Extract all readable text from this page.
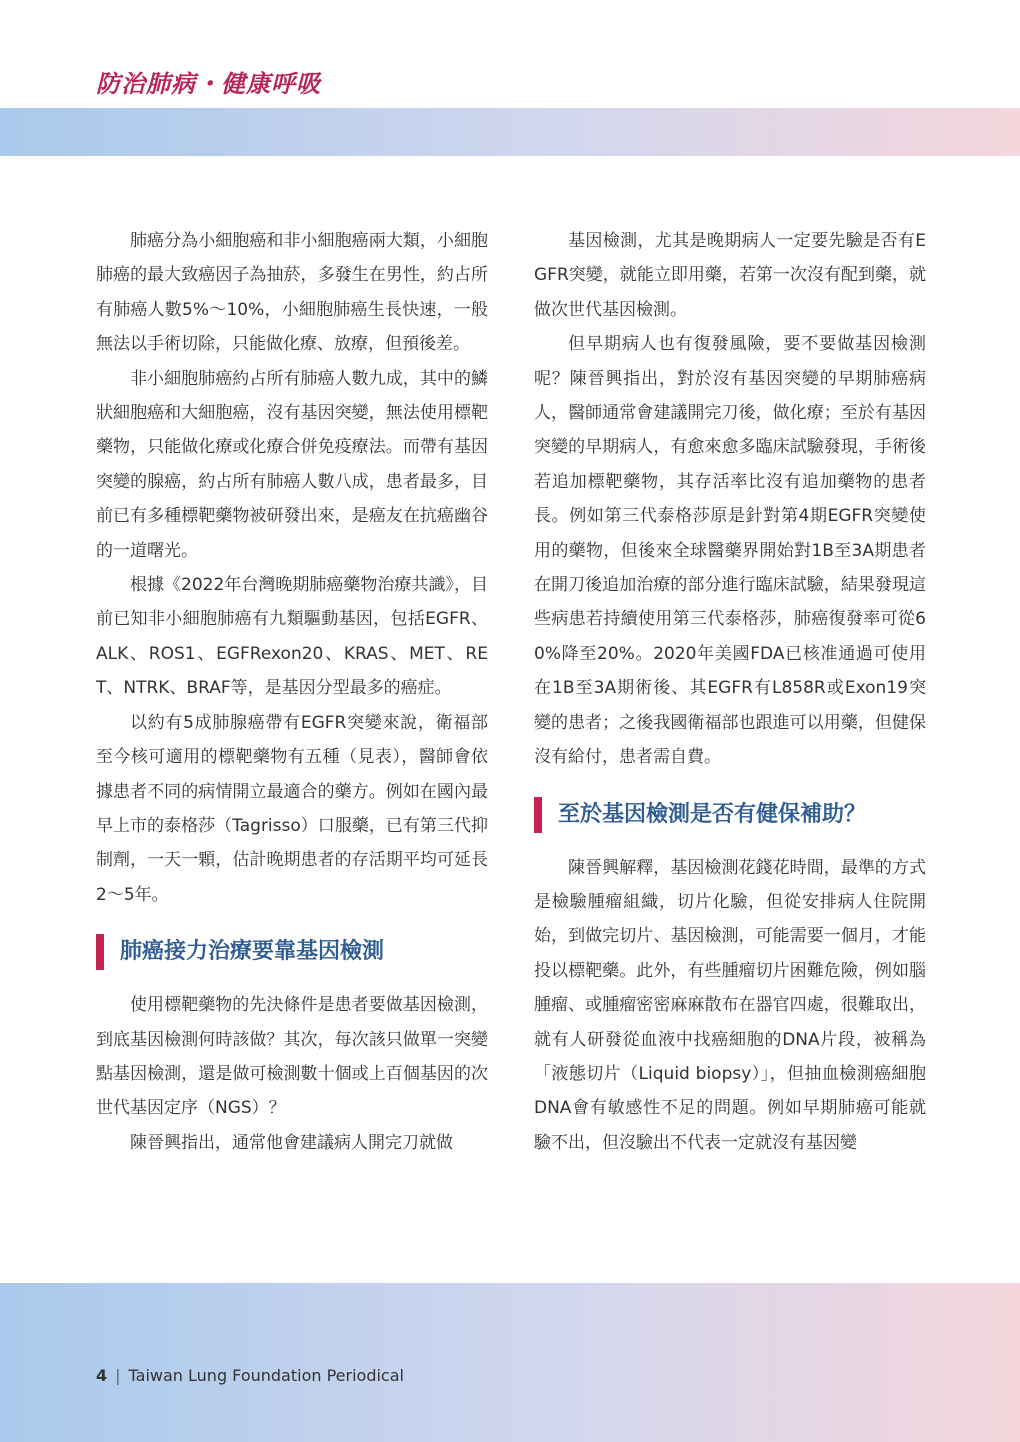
防治肺病・健康呼吸

肺癌分為小細胞癌和非小細胞癌兩大類，小細胞肺癌的最大致癌因子為抽菸，多發生在男性，約占所有肺癌人數5%～10%，小細胞肺癌生長快速，一般無法以手術切除，只能做化療、放療，但預後差。

非小細胞肺癌約占所有肺癌人數九成，其中的鱗狀細胞癌和大細胞癌，沒有基因突變，無法使用標靶藥物，只能做化療或化療合併免疫療法。而帶有基因突變的腺癌，約占所有肺癌人數八成，患者最多，目前已有多種標靶藥物被研發出來，是癌友在抗癌幽谷的一道曙光。

根據《2022年台灣晚期肺癌藥物治療共識》，目前已知非小細胞肺癌有九類驅動基因，包括EGFR、ALK、ROS1、EGFRexon20、KRAS、MET、RET、NTRK、BRAF等，是基因分型最多的癌症。

以約有5成肺腺癌帶有EGFR突變來說，衛福部至今核可適用的標靶藥物有五種（見表），醫師會依據患者不同的病情開立最適合的藥方。例如在國內最早上市的泰格莎（Tagrisso）口服藥，已有第三代抑制劑，一天一顆，估計晚期患者的存活期平均可延長2～5年。

肺癌接力治療要靠基因檢測

使用標靶藥物的先決條件是患者要做基因檢測，到底基因檢測何時該做？其次，每次該只做單一突變點基因檢測，還是做可檢測數十個或上百個基因的次世代基因定序（NGS）？

陳晉興指出，通常他會建議病人開完刀就做

基因檢測，尤其是晚期病人一定要先驗是否有EGFR突變，就能立即用藥，若第一次沒有配到藥，就做次世代基因檢測。

但早期病人也有復發風險，要不要做基因檢測呢？陳晉興指出，對於沒有基因突變的早期肺癌病人，醫師通常會建議開完刀後，做化療；至於有基因突變的早期病人，有愈來愈多臨床試驗發現，手術後若追加標靶藥物，其存活率比沒有追加藥物的患者長。例如第三代泰格莎原是針對第4期EGFR突變使用的藥物，但後來全球醫藥界開始對1B至3A期患者在開刀後追加治療的部分進行臨床試驗，結果發現這些病患若持續使用第三代泰格莎，肺癌復發率可從60%降至20%。2020年美國FDA已核准通過可使用在1B至3A期術後、其EGFR有L858R或Exon19突變的患者；之後我國衛福部也跟進可以用藥，但健保沒有給付，患者需自費。

至於基因檢測是否有健保補助？

陳晉興解釋，基因檢測花錢花時間，最準的方式是檢驗腫瘤組織，切片化驗，但從安排病人住院開始，到做完切片、基因檢測，可能需要一個月，才能投以標靶藥。此外，有些腫瘤切片困難危險，例如腦腫瘤、或腫瘤密密麻麻散布在器官四處，很難取出，就有人研發從血液中找癌細胞的DNA片段，被稱為「液態切片（Liquid biopsy）」，但抽血檢測癌細胞DNA會有敏感性不足的問題。例如早期肺癌可能就驗不出，但沒驗出不代表一定就沒有基因變

4 | Taiwan Lung Foundation Periodical
